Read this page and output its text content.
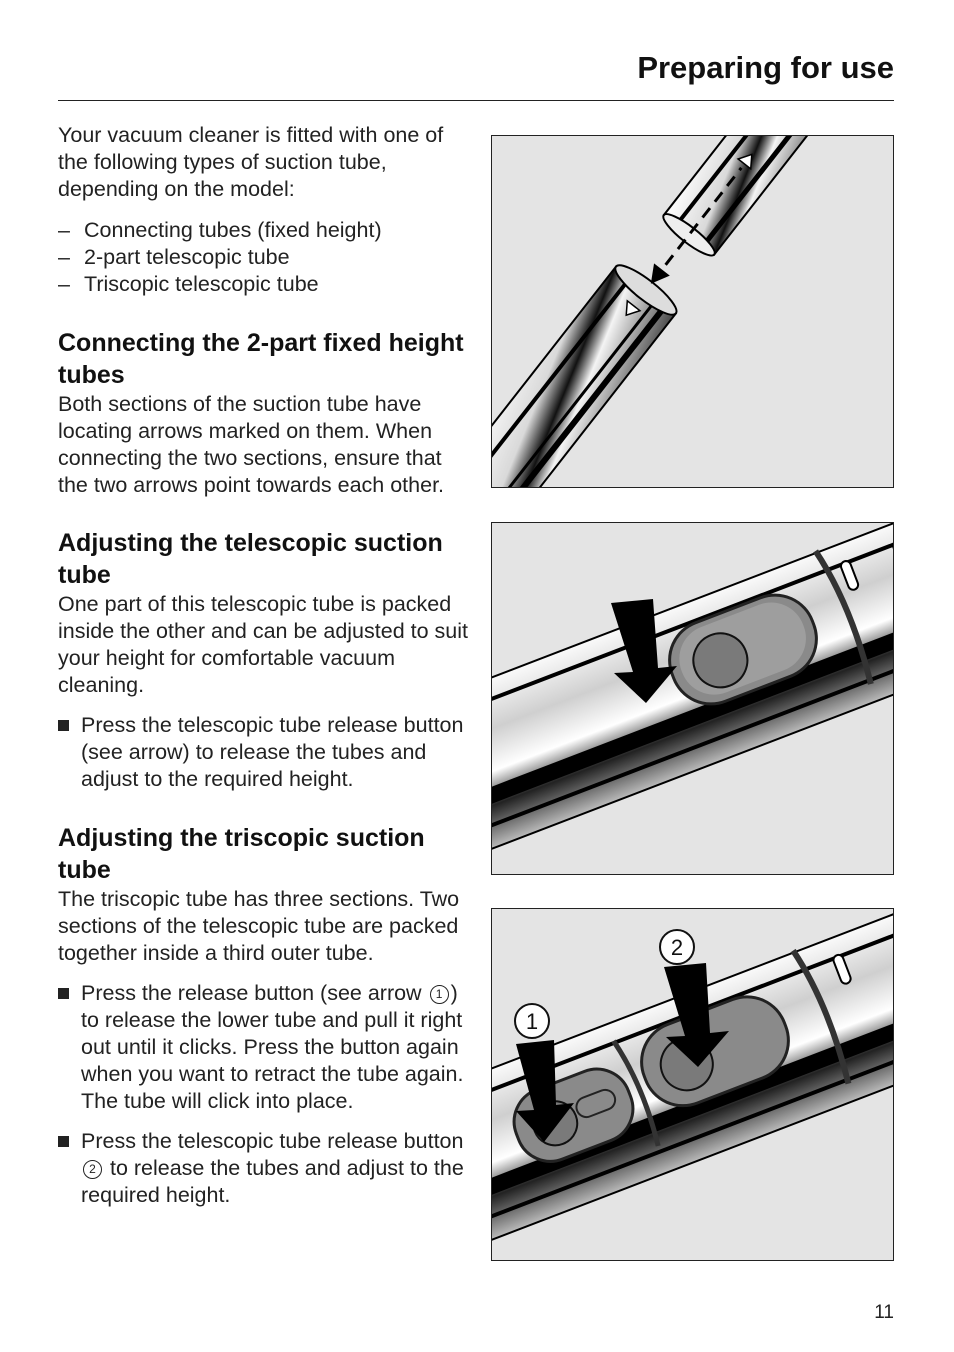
Preparing for use

Your vacuum cleaner is fitted with one of the following types of suction tube, depending on the model:

– Connecting tubes (fixed height)
– 2-part telescopic tube
– Triscopic telescopic tube
Connecting the 2-part fixed height tubes

Both sections of the suction tube have locating arrows marked on them. When connecting the two sections, ensure that the two arrows point towards each other.

Adjusting the telescopic suction tube

One part of this telescopic tube is packed inside the other and can be adjusted to suit your height for comfortable vacuum cleaning.

Press the telescopic tube release button (see arrow) to release the tubes and adjust to the required height.
Adjusting the triscopic suction tube

The triscopic tube has three sections. Two sections of the telescopic tube are packed together inside a third outer tube.

Press the release button (see arrow 1 ) to release the lower tube and pull it right out until it clicks. Press the button again when you want to retract the tube again. The tube will click into place.
Press the telescopic tube release button 2 to release the tubes and adjust to the required height.
1
2
11
